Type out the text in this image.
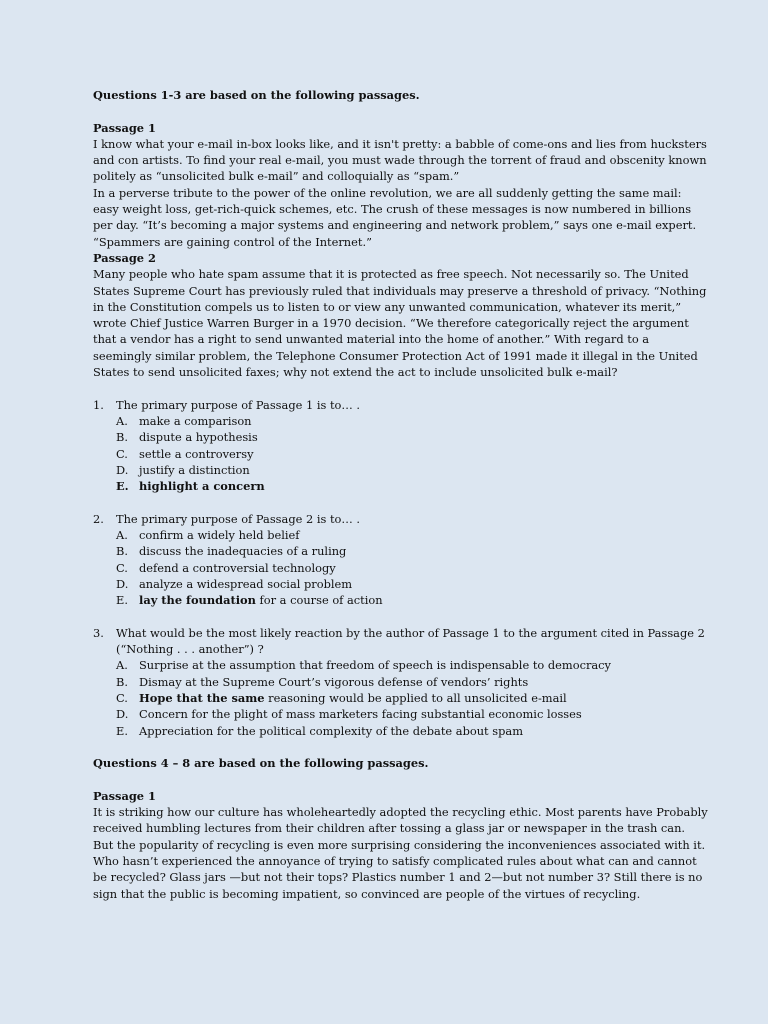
Questions 1-3 are based on the following passages.

Passage 1

I know what your e-mail in-box looks like, and it isn't pretty: a babble of come-ons and lies from hucksters and con artists. To find your real e-mail, you must wade through the torrent of fraud and obscenity known politely as “unsolicited bulk e-mail” and colloquially as “spam.”

In a perverse tribute to the power of the online revolution, we are all suddenly getting the same mail: easy weight loss, get-rich-quick schemes, etc. The crush of these messages is now numbered in billions per day. “It’s becoming a major systems and engineering and network problem,” says one e-mail expert. “Spammers are gaining control of the Internet.”

Passage 2

Many people who hate spam assume that it is protected as free speech. Not necessarily so. The United States Supreme Court has previously ruled that individuals may preserve a threshold of privacy. “Nothing in the Constitution compels us to listen to or view any unwanted communication, whatever its merit,” wrote Chief Justice Warren Burger in a 1970 decision. “We therefore categorically reject the argument that a vendor has a right to send unwanted material into the home of another.” With regard to a seemingly similar problem, the Telephone Consumer Protection Act of 1991 made it illegal in the United States to send unsolicited faxes; why not extend the act to include unsolicited bulk e-mail?

1. The primary purpose of Passage 1 is to… .
A. make a comparison
B. dispute a hypothesis
C. settle a controversy
D. justify a distinction
E. highlight a concern
2. The primary purpose of Passage 2 is to… .
A. confirm a widely held belief
B. discuss the inadequacies of a ruling
C. defend a controversial technology
D. analyze a widespread social problem
E. lay the foundation for a course of action
3. What would be the most likely reaction by the author of Passage 1 to the argument cited in Passage 2 (“Nothing . . . another”) ?
A. Surprise at the assumption that freedom of speech is indispensable to democracy
B. Dismay at the Supreme Court’s vigorous defense of vendors’ rights
C. Hope that the same reasoning would be applied to all unsolicited e-mail
D. Concern for the plight of mass marketers facing substantial economic losses
E. Appreciation for the political complexity of the debate about spam

Questions 4 – 8 are based on the following passages.

Passage 1

It is striking how our culture has wholeheartedly adopted the recycling ethic. Most parents have Probably received humbling lectures from their children after tossing a glass jar or newspaper in the trash can. But the popularity of recycling is even more surprising considering the inconveniences associated with it. Who hasn’t experienced the annoyance of trying to satisfy complicated rules about what can and cannot be recycled? Glass jars —but not their tops? Plastics number 1 and 2—but not number 3? Still there is no sign that the public is becoming impatient, so convinced are people of the virtues of recycling.
